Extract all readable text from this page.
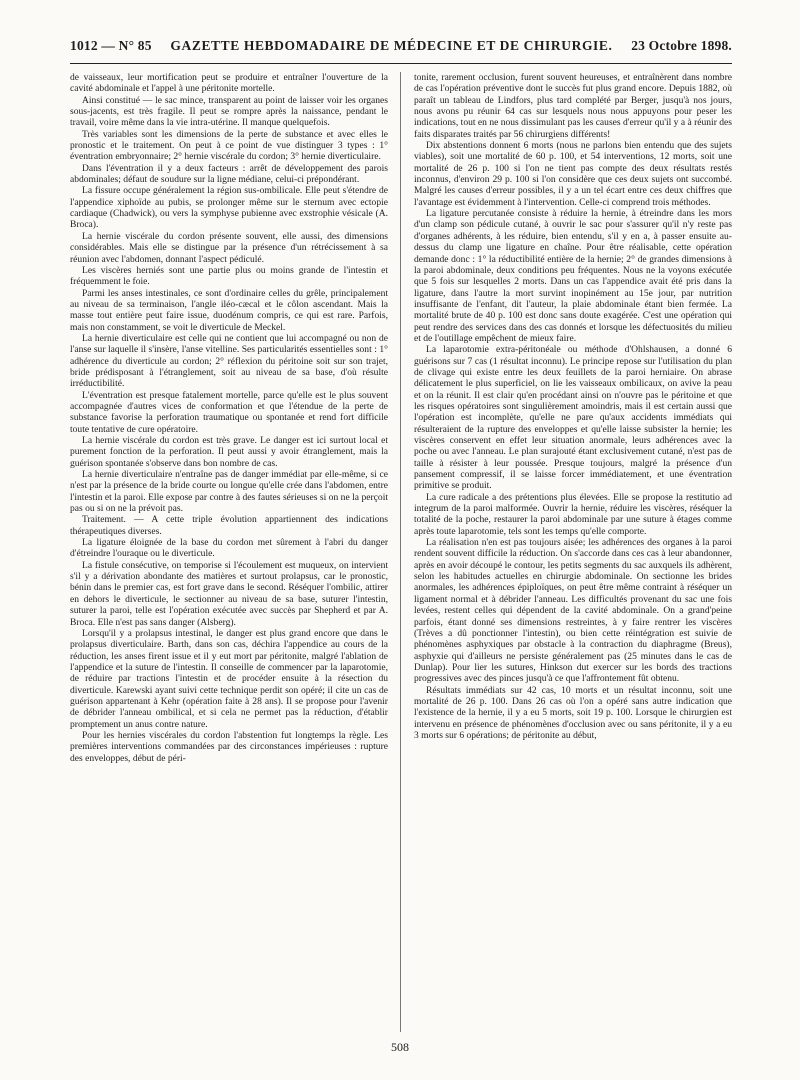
1012 — N° 85 GAZETTE HEBDOMADAIRE DE MÉDECINE ET DE CHIRURGIE. 23 Octobre 1898.

de vaisseaux, leur mortification peut se produire et entraîner l'ouverture de la cavité abdominale et l'appel à une péritonite mortelle.

Ainsi constitué — le sac mince, transparent au point de laisser voir les organes sous-jacents, est très fragile. Il peut se rompre après la naissance, pendant le travail, voire même dans la vie intra-utérine. Il manque quelquefois.

Très variables sont les dimensions de la perte de substance et avec elles le pronostic et le traitement. On peut à ce point de vue distinguer 3 types : 1° éventration embryonnaire; 2° hernie viscérale du cordon; 3° hernie diverticulaire.

Dans l'éventration il y a deux facteurs : arrêt de développement des parois abdominales; défaut de soudure sur la ligne médiane, celui-ci prépondérant.

La fissure occupe généralement la région sus-ombilicale. Elle peut s'étendre de l'appendice xiphoïde au pubis, se prolonger même sur le sternum avec ectopie cardiaque (Chadwick), ou vers la symphyse pubienne avec exstrophie vésicale (A. Broca).

La hernie viscérale du cordon présente souvent, elle aussi, des dimensions considérables. Mais elle se distingue par la présence d'un rétrécissement à sa réunion avec l'abdomen, donnant l'aspect pédiculé.

Les viscères herniés sont une partie plus ou moins grande de l'intestin et fréquemment le foie.

Parmi les anses intestinales, ce sont d'ordinaire celles du grêle, principalement au niveau de sa terminaison, l'angle iléo-cæcal et le côlon ascendant. Mais la masse tout entière peut faire issue, duodénum compris, ce qui est rare. Parfois, mais non constamment, se voit le diverticule de Meckel.

La hernie diverticulaire est celle qui ne contient que lui accompagné ou non de l'anse sur laquelle il s'insère, l'anse vitelline. Ses particularités essentielles sont : 1° adhérence du diverticule au cordon; 2° réflexion du péritoine soit sur son trajet, bride prédisposant à l'étranglement, soit au niveau de sa base, d'où résulte irréductibilité.

L'éventration est presque fatalement mortelle, parce qu'elle est le plus souvent accompagnée d'autres vices de conformation et que l'étendue de la perte de substance favorise la perforation traumatique ou spontanée et rend fort difficile toute tentative de cure opératoire.

La hernie viscérale du cordon est très grave. Le danger est ici surtout local et purement fonction de la perforation. Il peut aussi y avoir étranglement, mais la guérison spontanée s'observe dans bon nombre de cas.

La hernie diverticulaire n'entraîne pas de danger immédiat par elle-même, si ce n'est par la présence de la bride courte ou longue qu'elle crée dans l'abdomen, entre l'intestin et la paroi. Elle expose par contre à des fautes sérieuses si on ne la perçoit pas ou si on ne la prévoit pas.

Traitement. — A cette triple évolution appartiennent des indications thérapeutiques diverses.

La ligature éloignée de la base du cordon met sûrement à l'abri du danger d'étreindre l'ouraque ou le diverticule.

La fistule consécutive, on temporise si l'écoulement est muqueux, on intervient s'il y a dérivation abondante des matières et surtout prolapsus, car le pronostic, bénin dans le premier cas, est fort grave dans le second. Réséquer l'ombilic, attirer en dehors le diverticule, le sectionner au niveau de sa base, suturer l'intestin, suturer la paroi, telle est l'opération exécutée avec succès par Shepherd et par A. Broca. Elle n'est pas sans danger (Alsberg).

Lorsqu'il y a prolapsus intestinal, le danger est plus grand encore que dans le prolapsus diverticulaire. Barth, dans son cas, déchira l'appendice au cours de la réduction, les anses firent issue et il y eut mort par péritonite, malgré l'ablation de l'appendice et la suture de l'intestin. Il conseille de commencer par la laparotomie, de réduire par tractions l'intestin et de procéder ensuite à la résection du diverticule. Karewski ayant suivi cette technique perdit son opéré; il cite un cas de guérison appartenant à Kehr (opération faite à 28 ans). Il se propose pour l'avenir de débrider l'anneau ombilical, et si cela ne permet pas la réduction, d'établir promptement un anus contre nature.

Pour les hernies viscérales du cordon l'abstention fut longtemps la règle. Les premières interventions commandées par des circonstances impérieuses : rupture des enveloppes, début de péri-

tonite, rarement occlusion, furent souvent heureuses, et entraînèrent dans nombre de cas l'opération préventive dont le succès fut plus grand encore. Depuis 1882, où paraît un tableau de Lindfors, plus tard complété par Berger, jusqu'à nos jours, nous avons pu réunir 64 cas sur lesquels nous nous appuyons pour peser les indications, tout en ne nous dissimulant pas les causes d'erreur qu'il y a à réunir des faits disparates traités par 56 chirurgiens différents!

Dix abstentions donnent 6 morts (nous ne parlons bien entendu que des sujets viables), soit une mortalité de 60 p. 100, et 54 interventions, 12 morts, soit une mortalité de 26 p. 100 si l'on ne tient pas compte des deux résultats restés inconnus, d'environ 29 p. 100 si l'on considère que ces deux sujets ont succombé. Malgré les causes d'erreur possibles, il y a un tel écart entre ces deux chiffres que l'avantage est évidemment à l'intervention. Celle-ci comprend trois méthodes.

La ligature percutanée consiste à réduire la hernie, à étreindre dans les mors d'un clamp son pédicule cutané, à ouvrir le sac pour s'assurer qu'il n'y reste pas d'organes adhérents, à les réduire, bien entendu, s'il y en a, à passer ensuite au-dessus du clamp une ligature en chaîne. Pour être réalisable, cette opération demande donc : 1° la réductibilité entière de la hernie; 2° de grandes dimensions à la paroi abdominale, deux conditions peu fréquentes. Nous ne la voyons exécutée que 5 fois sur lesquelles 2 morts. Dans un cas l'appendice avait été pris dans la ligature, dans l'autre la mort survint inopinément au 15e jour, par nutrition insuffisante de l'enfant, dit l'auteur, la plaie abdominale étant bien fermée. La mortalité brute de 40 p. 100 est donc sans doute exagérée. C'est une opération qui peut rendre des services dans des cas donnés et lorsque les défectuosités du milieu et de l'outillage empêchent de mieux faire.

La laparotomie extra-péritonéale ou méthode d'Ohlshausen, a donné 6 guérisons sur 7 cas (1 résultat inconnu). Le principe repose sur l'utilisation du plan de clivage qui existe entre les deux feuillets de la paroi herniaire. On abrase délicatement le plus superficiel, on lie les vaisseaux ombilicaux, on avive la peau et on la réunit. Il est clair qu'en procédant ainsi on n'ouvre pas le péritoine et que les risques opératoires sont singulièrement amoindris, mais il est certain aussi que l'opération est incomplète, qu'elle ne pare qu'aux accidents immédiats qui résulteraient de la rupture des enveloppes et qu'elle laisse subsister la hernie; les viscères conservent en effet leur situation anormale, leurs adhérences avec la poche ou avec l'anneau. Le plan surajouté étant exclusivement cutané, n'est pas de taille à résister à leur poussée. Presque toujours, malgré la présence d'un pansement compressif, il se laisse forcer immédiatement, et une éventration primitive se produit.

La cure radicale a des prétentions plus élevées. Elle se propose la restitutio ad integrum de la paroi malformée. Ouvrir la hernie, réduire les viscères, réséquer la totalité de la poche, restaurer la paroi abdominale par une suture à étages comme après toute laparotomie, tels sont les temps qu'elle comporte.

La réalisation n'en est pas toujours aisée; les adhérences des organes à la paroi rendent souvent difficile la réduction. On s'accorde dans ces cas à leur abandonner, après en avoir découpé le contour, les petits segments du sac auxquels ils adhèrent, selon les habitudes actuelles en chirurgie abdominale. On sectionne les brides anormales, les adhérences épiploïques, on peut être même contraint à réséquer un ligament normal et à débrider l'anneau. Les difficultés provenant du sac une fois levées, restent celles qui dépendent de la cavité abdominale. On a grand'peine parfois, étant donné ses dimensions restreintes, à y faire rentrer les viscères (Trèves a dû ponctionner l'intestin), ou bien cette réintégration est suivie de phénomènes asphyxiques par obstacle à la contraction du diaphragme (Breus), asphyxie qui d'ailleurs ne persiste généralement pas (25 minutes dans le cas de Dunlap). Pour lier les sutures, Hinkson dut exercer sur les bords des tractions progressives avec des pinces jusqu'à ce que l'affrontement fût obtenu.

Résultats immédiats sur 42 cas, 10 morts et un résultat inconnu, soit une mortalité de 26 p. 100. Dans 26 cas où l'on a opéré sans autre indication que l'existence de la hernie, il y a eu 5 morts, soit 19 p. 100. Lorsque le chirurgien est intervenu en présence de phénomènes d'occlusion avec ou sans péritonite, il y a eu 3 morts sur 6 opérations; de péritonite au début,

508
